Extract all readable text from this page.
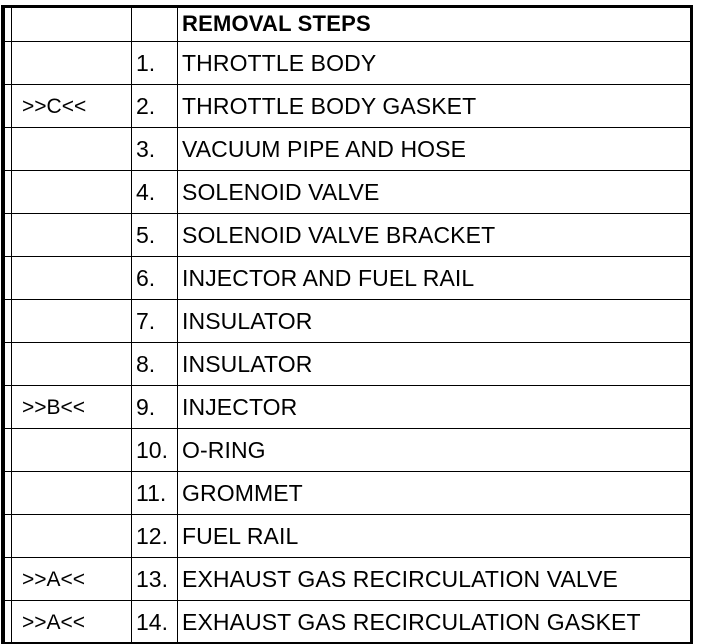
			REMOVAL STEPS
		1.	THROTTLE BODY
	>>C<<	2.	THROTTLE BODY GASKET
		3.	VACUUM PIPE AND HOSE
		4.	SOLENOID VALVE
		5.	SOLENOID VALVE BRACKET
		6.	INJECTOR AND FUEL RAIL
		7.	INSULATOR
		8.	INSULATOR
	>>B<<	9.	INJECTOR
		10.	O-RING
		11.	GROMMET
		12.	FUEL RAIL
	>>A<<	13.	EXHAUST GAS RECIRCULATION VALVE
	>>A<<	14.	EXHAUST GAS RECIRCULATION GASKET
